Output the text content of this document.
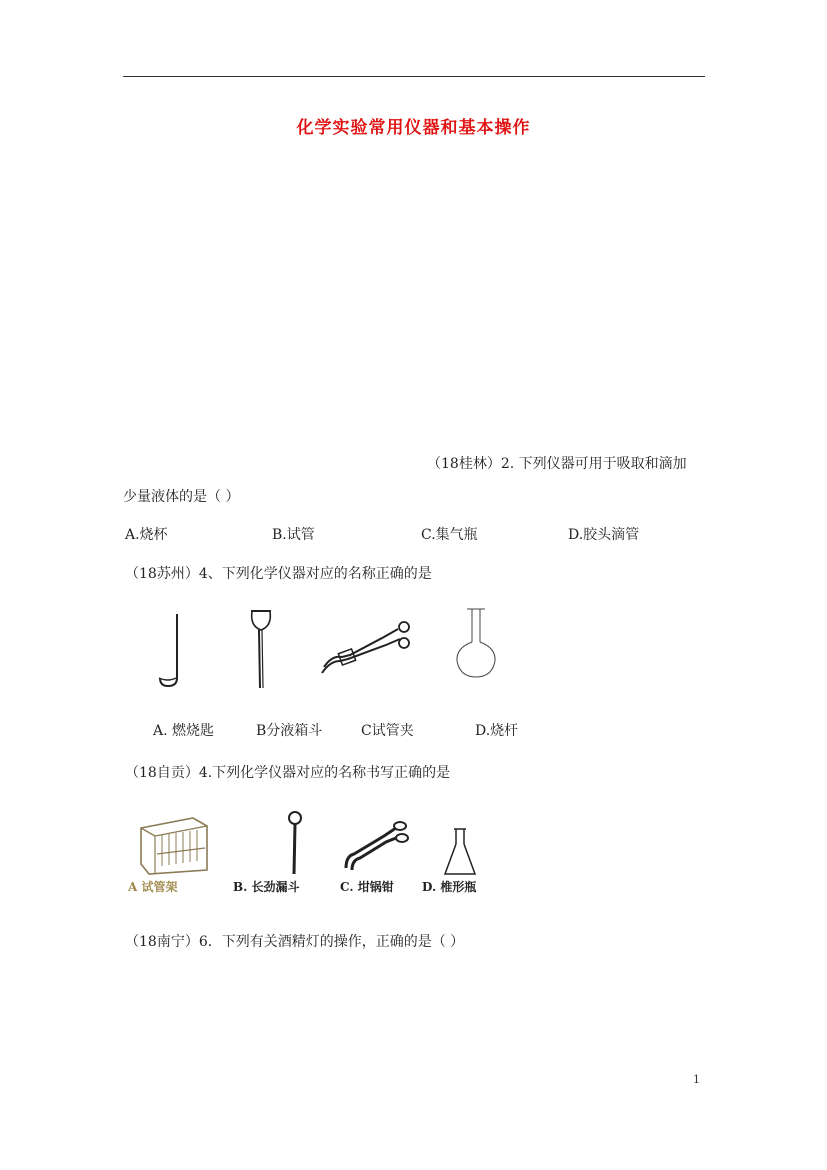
化学实验常用仪器和基本操作
（18桂林）2. 下列仪器可用于吸取和滴加
少量液体的是（ ）
A.烧杯	B.试管	C.集气瓶	D.胶头滴管
（18苏州）4、下列化学仪器对应的名称正确的是
A. 燃烧匙	B分液箱斗	C试管夹	D.烧杆
（18自贡）4.下列化学仪器对应的名称书写正确的是
A 试管架	B. 长劲漏斗	C. 坩锅钳 D. 椎形瓶
（18南宁）6．下列有关酒精灯的操作，正确的是（ ）
1
